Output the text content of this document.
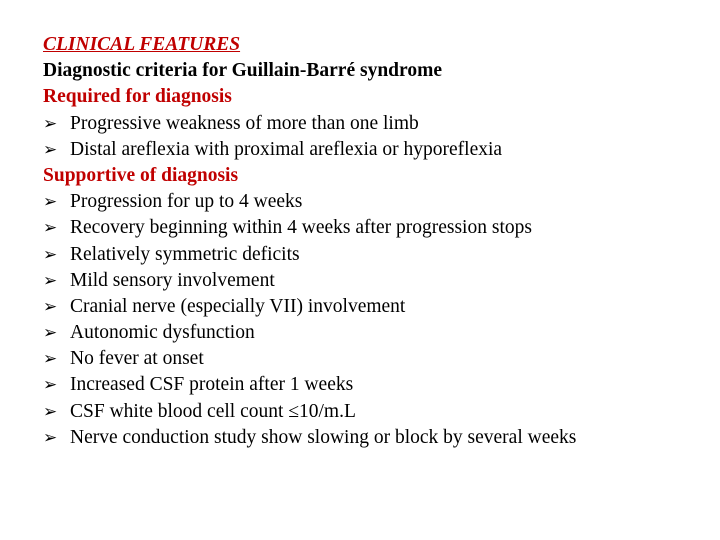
CLINICAL FEATURES
Diagnostic criteria for Guillain-Barré syndrome
Required for diagnosis
➢ Progressive weakness of more than one limb
➢ Distal areflexia with proximal areflexia or hyporeflexia
Supportive of diagnosis
➢ Progression for up to 4 weeks
➢ Recovery beginning within 4 weeks after progression stops
➢ Relatively symmetric deficits
➢ Mild sensory involvement
➢ Cranial nerve (especially VII) involvement
➢ Autonomic dysfunction
➢ No fever at onset
➢ Increased CSF protein after 1 weeks
➢ CSF white blood cell count ≤10/m.L
➢ Nerve conduction study show slowing or block by several weeks
